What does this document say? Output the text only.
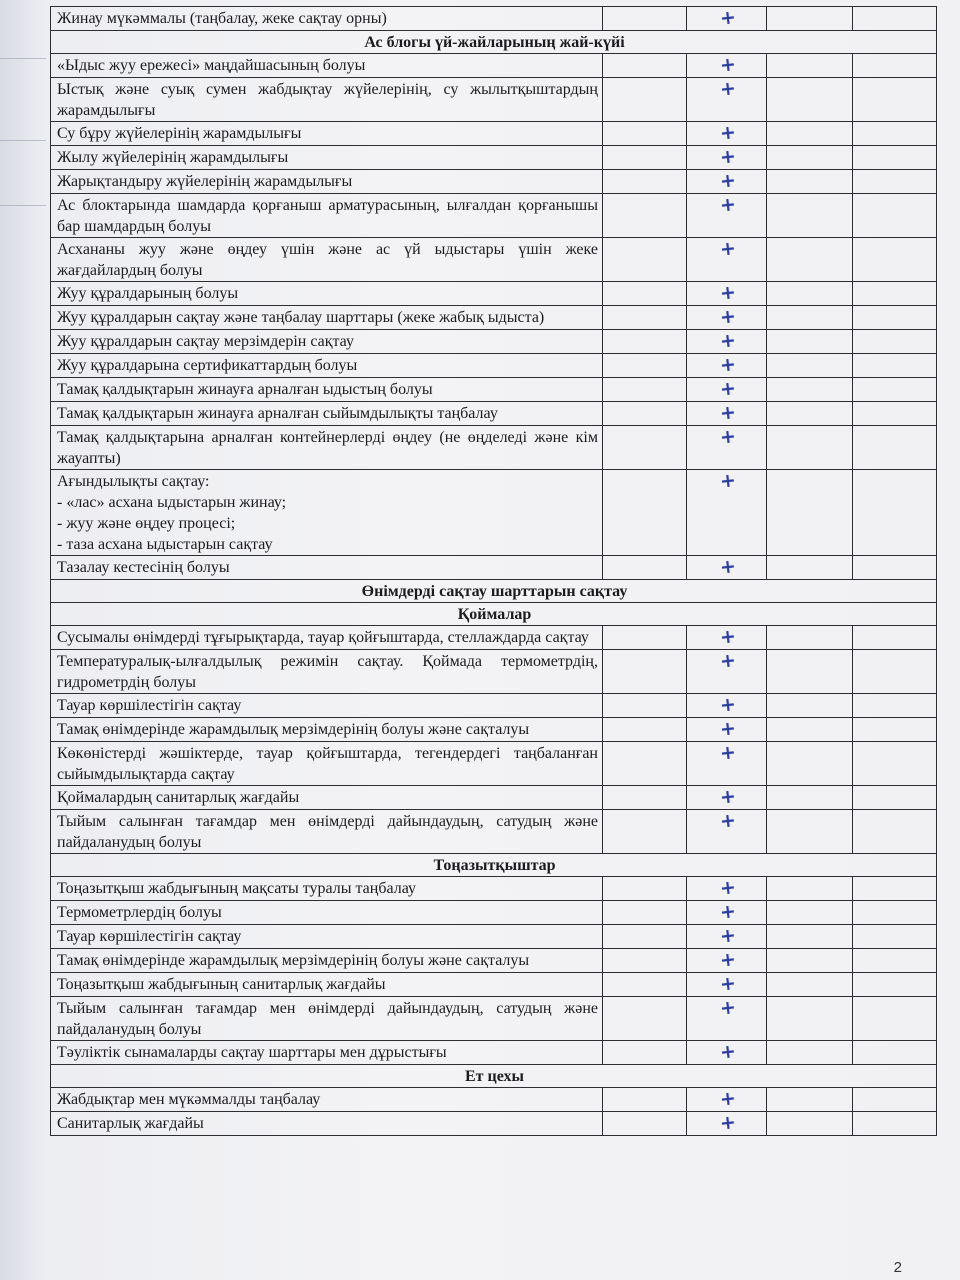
Жинау мүкәммалы (таңбалау, жеке сақтау орны)		+		
Ас блогы үй-жайларының жай-күйі				
«Ыдыс жуу ережесі» маңдайшасының болуы		+		
Ыстық және суық сумен жабдықтау жүйелерінің, су жылытқыштардың жарамдылығы		+		
Су бұру жүйелерінің жарамдылығы		+		
Жылу жүйелерінің жарамдылығы		+		
Жарықтандыру жүйелерінің жарамдылығы		+		
Ас блоктарында шамдарда қорғаныш арматурасының, ылғалдан қорғанышы бар шамдардың болуы		+		
Асхананы жуу және өңдеу үшін және ас үй ыдыстары үшін жеке жағдайлардың болуы		+		
Жуу құралдарының болуы		+		
Жуу құралдарын сақтау және таңбалау шарттары (жеке жабық ыдыста)		+		
Жуу құралдарын сақтау мерзімдерін сақтау		+		
Жуу құралдарына сертификаттардың болуы		+		
Тамақ қалдықтарын жинауға арналған ыдыстың болуы		+		
Тамақ қалдықтарын жинауға арналған сыйымдылықты таңбалау		+		
Тамақ қалдықтарына арналған контейнерлерді өңдеу (не өңделеді және кім жауапты)		+		
Ағындылықты сақтау:
- «лас» асхана ыдыстарын жинау;
- жуу және өңдеу процесі;
- таза асхана ыдыстарын сақтау		+		
Тазалау кестесінің болуы		+		
Өнімдерді сақтау шарттарын сақтау				
Қоймалар				
Сусымалы өнімдерді тұғырықтарда, тауар қойғыштарда, стеллаждарда сақтау		+		
Температуралық-ылғалдылық режимін сақтау. Қоймада термометрдің, гидрометрдің болуы		+		
Тауар көршілестігін сақтау		+		
Тамақ өнімдерінде жарамдылық мерзімдерінің болуы және сақталуы		+		
Көкөністерді жәшіктерде, тауар қойғыштарда, тегендердегі таңбаланған сыйымдылықтарда сақтау		+		
Қоймалардың санитарлық жағдайы		+		
Тыйым салынған тағамдар мен өнімдерді дайындаудың, сатудың және пайдаланудың болуы		+		
Тоңазытқыштар				
Тоңазытқыш жабдығының мақсаты туралы таңбалау		+		
Термометрлердің болуы		+		
Тауар көршілестігін сақтау		+		
Тамақ өнімдерінде жарамдылық мерзімдерінің болуы және сақталуы		+		
Тоңазытқыш жабдығының санитарлық жағдайы		+		
Тыйым салынған тағамдар мен өнімдерді дайындаудың, сатудың және пайдаланудың болуы		+		
Тәуліктік сынамаларды сақтау шарттары мен дұрыстығы		+		
Ет цехы				
Жабдықтар мен мүкәммалды таңбалау		+		
Санитарлық жағдайы		+		
2
